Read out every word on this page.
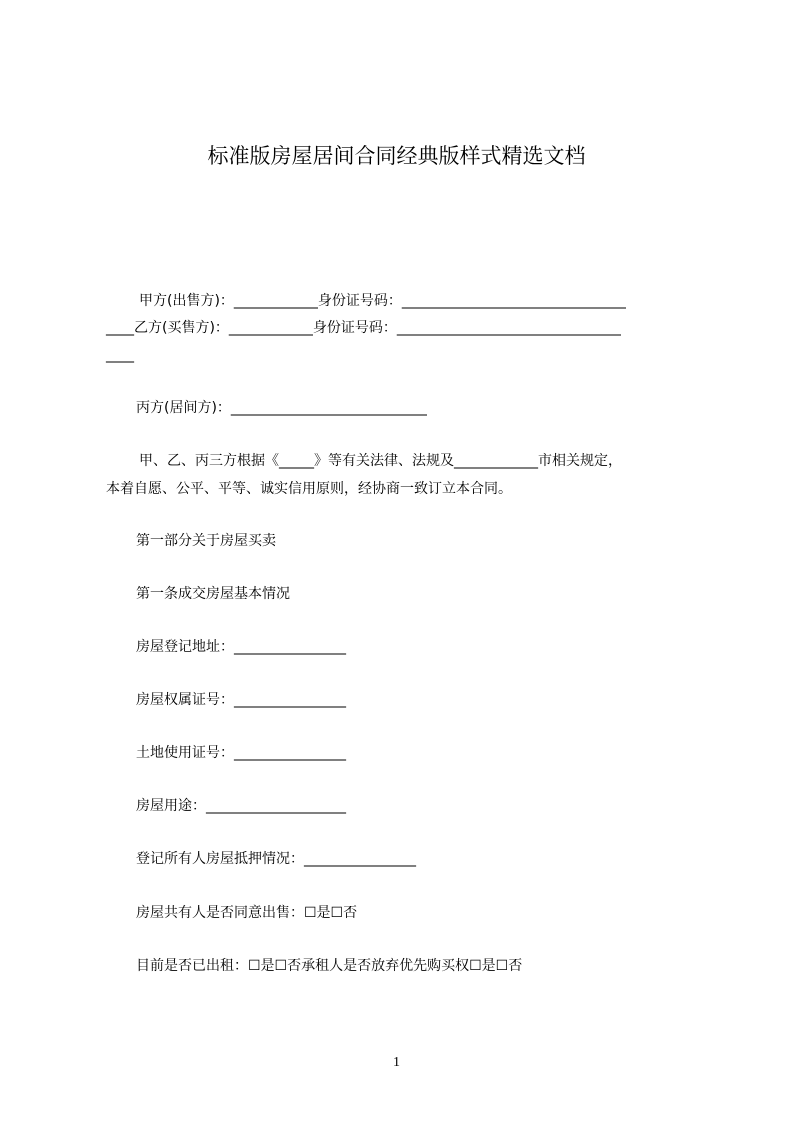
标准版房屋居间合同经典版样式精选文档
甲方(出售方)：____________身份证号码：________________________________
____乙方(买售方)：____________身份证号码：________________________________
____
丙方(居间方)：____________________________
甲、乙、丙三方根据《_____》等有关法律、法规及____________市相关规定，
本着自愿、公平、平等、诚实信用原则，经协商一致订立本合同。
第一部分关于房屋买卖
第一条成交房屋基本情况
房屋登记地址：________________
房屋权属证号：________________
土地使用证号：________________
房屋用途：____________________
登记所有人房屋抵押情况：________________
房屋共有人是否同意出售：☐是☐否
目前是否已出租：☐是☐否承租人是否放弃优先购买权☐是☐否
1
